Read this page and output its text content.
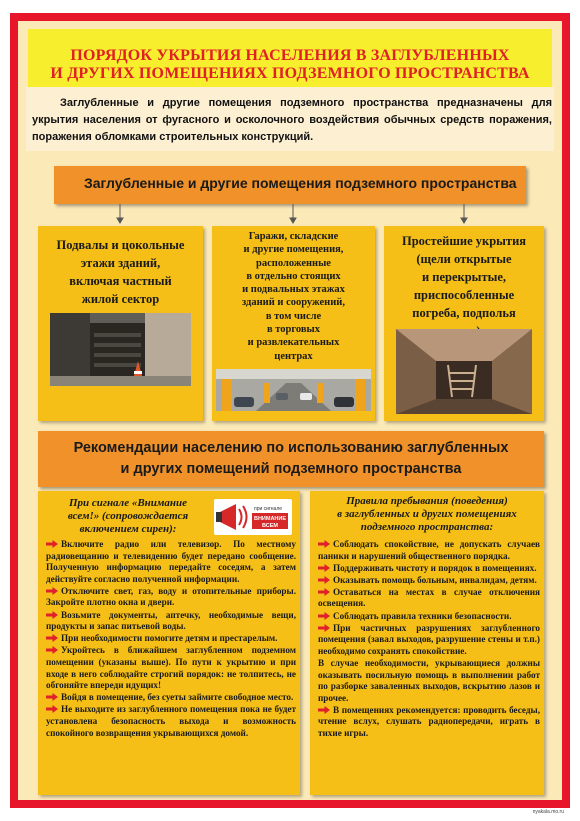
ПОРЯДОК УКРЫТИЯ НАСЕЛЕНИЯ В ЗАГЛУБЛЕННЫХ
И ДРУГИХ ПОМЕЩЕНИЯХ ПОДЗЕМНОГО ПРОСТРАНСТВА

Заглубленные и другие помещения подземного пространства предназначены для укрытия населения от фугасного и осколочного воздействия обычных средств поражения, поражения обломками строительных конструкций.

Заглубленные и другие помещения подземного пространства
Подвалы и цокольные
этажи зданий,
включая частный
жилой сектор
Гаражи, складские
и другие помещения,
расположенные
в отдельно стоящих
и подвальных этажах
зданий и сооружений,
в том числе
в торговых
и развлекательных
центрах
Простейшие укрытия
(щели открытые
и перекрытые,
приспособленные
погреба, подполья
Рекомендации населению по использованию заглубленных
и других помещений подземного пространства
При сигнале «Внимание
всем!» (сопровождается
включением сирен):
при сигнале
ВНИМАНИЕ
ВСЕМ
Включите радио или телевизор. По местному радиовещанию и телевидению будет передано сообщение. Полученную информацию передайте соседям, а затем действуйте согласно полученной информации.
Отключите свет, газ, воду и отопительные приборы. Закройте плотно окна и двери.
Возьмите документы, аптечку, необходимые вещи, продукты и запас питьевой воды.
При необходимости помогите детям и престарелым.
Укройтесь в ближайшем заглубленном подземном помещении (указаны выше). По пути к укрытию и при входе в него соблюдайте строгий порядок: не толпитесь, не обгоняйте впереди идущих!
Войдя в помещение, без суеты займите свободное место.
Не выходите из заглубленного помещения пока не будет установлена безопасность выхода и возможность спокойного возвращения укрывающихся домой.
Правила пребывания (поведения)
в заглубленных и других помещениях
подземного пространства:
Соблюдать спокойствие, не допускать случаев паники и нарушений общественного порядка.
Поддерживать чистоту и порядок в помещениях.
Оказывать помощь больным, инвалидам, детям.
Оставаться на местах в случае отключения освещения.
Соблюдать правила техники безопасности.
При частичных разрушениях заглубленного помещения (завал выходов, разрушение стены и т.п.) необходимо сохранять спокойствие.
В случае необходимости, укрывающиеся должны оказывать посильную помощь в выполнении работ по разборке заваленных выходов, вскрытию лазов и прочее.
В помещениях рекомендуется: проводить беседы, чтение вслух, слушать радиопередачи, играть в тихие игры.
nyakala.mo.ru
